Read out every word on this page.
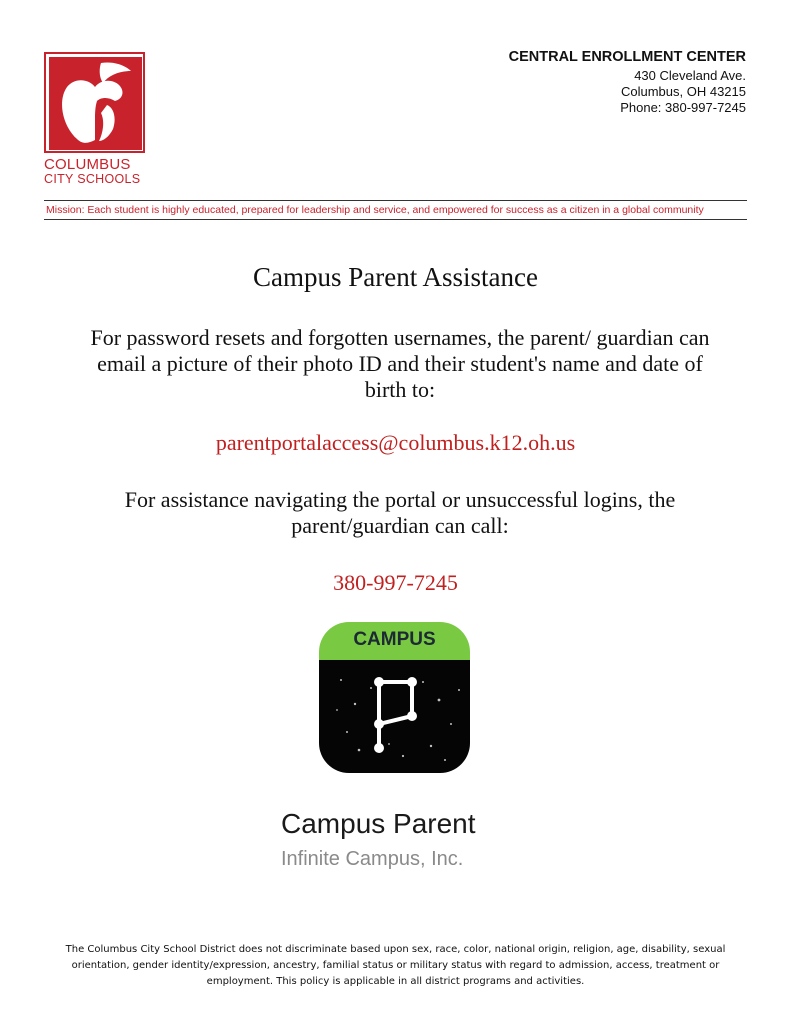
COLUMBUS
CITY SCHOOLS
CENTRAL ENROLLMENT CENTER
430 Cleveland Ave.
Columbus, OH 43215
Phone: 380-997-7245
Mission: Each student is highly educated, prepared for leadership and service, and empowered for success as a citizen in a global community
Campus Parent Assistance
For password resets and forgotten usernames, the parent/ guardian can email a picture of their photo ID and their student's name and date of birth to:
parentportalaccess@columbus.k12.oh.us
For assistance navigating the portal or unsuccessful logins, the parent/guardian can call:
380-997-7245
CAMPUS
Campus Parent
Infinite Campus, Inc.
The Columbus City School District does not discriminate based upon sex, race, color, national origin, religion, age, disability, sexual orientation, gender identity/expression, ancestry, familial status or military status with regard to admission, access, treatment or employment. This policy is applicable in all district programs and activities.
